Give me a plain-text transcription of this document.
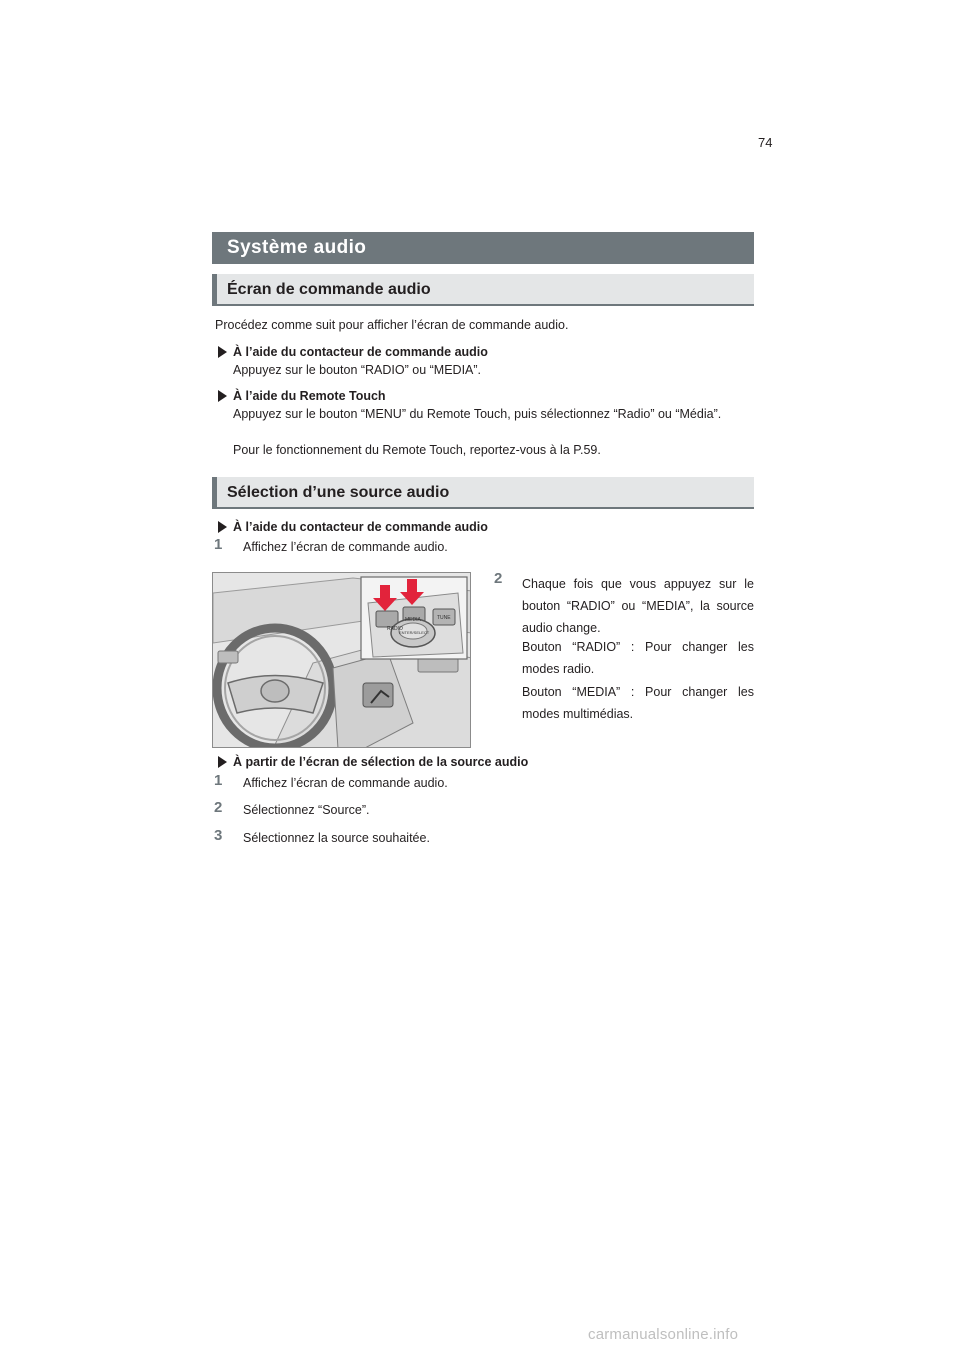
74
Système audio
Écran de commande audio
Procédez comme suit pour afficher l’écran de commande audio.
À l’aide du contacteur de commande audio
Appuyez sur le bouton “RADIO” ou “MEDIA”.
À l’aide du Remote Touch
Appuyez sur le bouton “MENU” du Remote Touch, puis sélectionnez “Radio” ou “Média”.
Pour le fonctionnement du Remote Touch, reportez-vous à la P.59.
Sélection d’une source audio
À l’aide du contacteur de commande audio
1 Affichez l’écran de commande audio.
RADIO
MEDIA
ENTER/SELECT
TUNE
2 Chaque fois que vous appuyez sur le bouton “RADIO” ou “MEDIA”, la source audio change.
Bouton “RADIO” : Pour changer les modes radio.
Bouton “MEDIA” : Pour changer les modes multimédias.
À partir de l’écran de sélection de la source audio
1 Affichez l’écran de commande audio.
2 Sélectionnez “Source”.
3 Sélectionnez la source souhaitée.
carmanualsonline.info
